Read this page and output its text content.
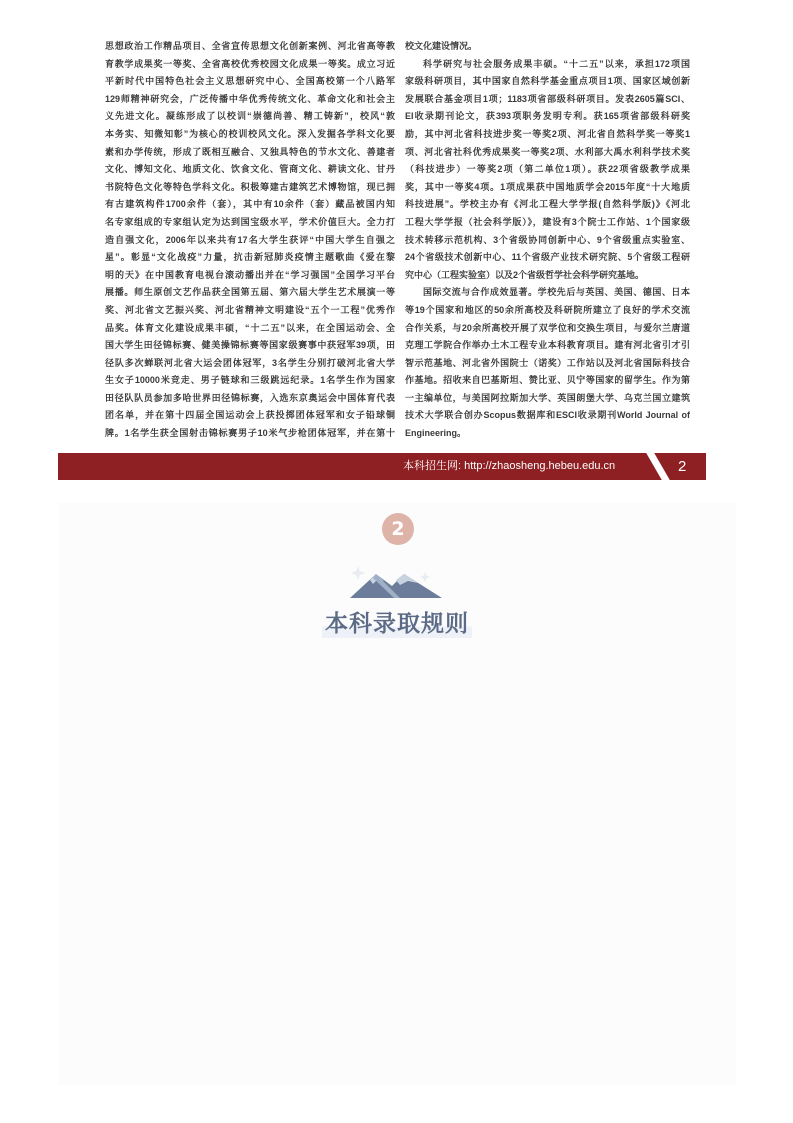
思想政治工作精品项目、全省宣传思想文化创新案例、河北省高等教
育教学成果奖一等奖、全省高校优秀校园文化成果一等奖。成立习近
平新时代中国特色社会主义思想研究中心、全国高校第一个八路军
129师精神研究会，广泛传播中华优秀传统文化、革命文化和社会主
义先进文化。凝练形成了以校训“崇德尚善、精工铸新”，校风“敦
本务实、知微知彰”为核心的校训校风文化。深入发掘各学科文化要
素和办学传统，形成了既相互融合、又独具特色的节水文化、善建者
文化、博知文化、地质文化、饮食文化、管商文化、耕读文化、甘丹
书院特色文化等特色学科文化。积极筹建古建筑艺术博物馆，现已拥
有古建筑构件1700余件（套），其中有10余件（套）藏品被国内知
名专家组成的专家组认定为达到国宝级水平，学术价值巨大。全力打
造自强文化，2006年以来共有17名大学生获评“中国大学生自强之
星”。彰显“文化战疫”力量，抗击新冠肺炎疫情主题歌曲《爱在黎
明的天》在中国教育电视台滚动播出并在“学习强国”全国学习平台
展播。师生原创文艺作品获全国第五届、第六届大学生艺术展演一等
奖、河北省文艺振兴奖、河北省精神文明建设“五个一工程”优秀作
品奖。体育文化建设成果丰硕，“十二五”以来，在全国运动会、全
国大学生田径锦标赛、健美操锦标赛等国家级赛事中获冠军39项，田
径队多次蝉联河北省大运会团体冠军，3名学生分别打破河北省大学
生女子10000米竞走、男子链球和三级跳远纪录。1名学生作为国家
田径队队员参加多哈世界田径锦标赛，入选东京奥运会中国体育代表
团名单，并在第十四届全国运动会上获投掷团体冠军和女子铅球铜
牌。1名学生获全国射击锦标赛男子10米气步枪团体冠军，并在第十
校文化建设情况。
科学研究与社会服务成果丰硕。“十二五”以来，承担172项国
家级科研项目，其中国家自然科学基金重点项目1项、国家区域创新
发展联合基金项目1项；1183项省部级科研项目。发表2605篇SCI、
EI收录期刊论文，获393项职务发明专利。获165项省部级科研奖
励，其中河北省科技进步奖一等奖2项、河北省自然科学奖一等奖1
项、河北省社科优秀成果奖一等奖2项、水利部大禹水利科学技术奖
（科技进步）一等奖2项（第二单位1项）。获22项省级教学成果
奖，其中一等奖4项。1项成果获中国地质学会2015年度“十大地质
科技进展”。学校主办有《河北工程大学学报(自然科学版)》《河北
工程大学学报（社会科学版）》，建设有3个院士工作站、1个国家级
技术转移示范机构、3个省级协同创新中心、9个省级重点实验室、
24个省级技术创新中心、11个省级产业技术研究院、5个省级工程研
究中心（工程实验室）以及2个省级哲学社会科学研究基地。
国际交流与合作成效显著。学校先后与英国、美国、德国、日本
等19个国家和地区的50余所高校及科研院所建立了良好的学术交流
合作关系，与20余所高校开展了双学位和交换生项目，与爱尔兰唐道
克理工学院合作举办土木工程专业本科教育项目。建有河北省引才引
智示范基地、河北省外国院士（诺奖）工作站以及河北省国际科技合
作基地。招收来自巴基斯坦、赞比亚、贝宁等国家的留学生。作为第
一主编单位，与美国阿拉斯加大学、英国朗堡大学、乌克兰国立建筑
技术大学联合创办Scopus数据库和ESCI收录期刊World Journal of
Engineering。
本科招生网: http://zhaosheng.hebeu.edu.cn	2
2
本科录取规则
